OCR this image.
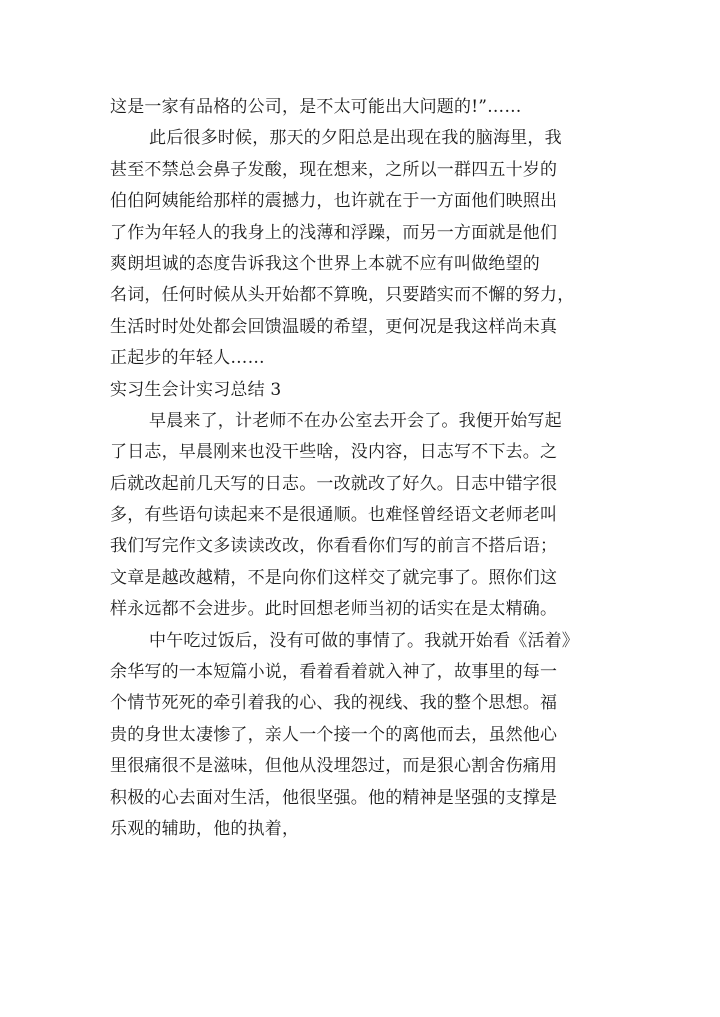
这是一家有品格的公司，是不太可能出大问题的!”……
此后很多时候，那天的夕阳总是出现在我的脑海里，我
甚至不禁总会鼻子发酸，现在想来，之所以一群四五十岁的
伯伯阿姨能给那样的震撼力，也许就在于一方面他们映照出
了作为年轻人的我身上的浅薄和浮躁，而另一方面就是他们
爽朗坦诚的态度告诉我这个世界上本就不应有叫做绝望的
名词，任何时候从头开始都不算晚，只要踏实而不懈的努力，
生活时时处处都会回馈温暖的希望，更何况是我这样尚未真
正起步的年轻人……
实习生会计实习总结 3
早晨来了，计老师不在办公室去开会了。我便开始写起
了日志，早晨刚来也没干些啥，没内容，日志写不下去。之
后就改起前几天写的日志。一改就改了好久。日志中错字很
多，有些语句读起来不是很通顺。也难怪曾经语文老师老叫
我们写完作文多读读改改，你看看你们写的前言不搭后语；
文章是越改越精，不是向你们这样交了就完事了。照你们这
样永远都不会进步。此时回想老师当初的话实在是太精确。
中午吃过饭后，没有可做的事情了。我就开始看《活着》
余华写的一本短篇小说，看着看着就入神了，故事里的每一
个情节死死的牵引着我的心、我的视线、我的整个思想。福
贵的身世太凄惨了，亲人一个接一个的离他而去，虽然他心
里很痛很不是滋味，但他从没埋怨过，而是狠心割舍伤痛用
积极的心去面对生活，他很坚强。他的精神是坚强的支撑是
乐观的辅助，他的执着，
